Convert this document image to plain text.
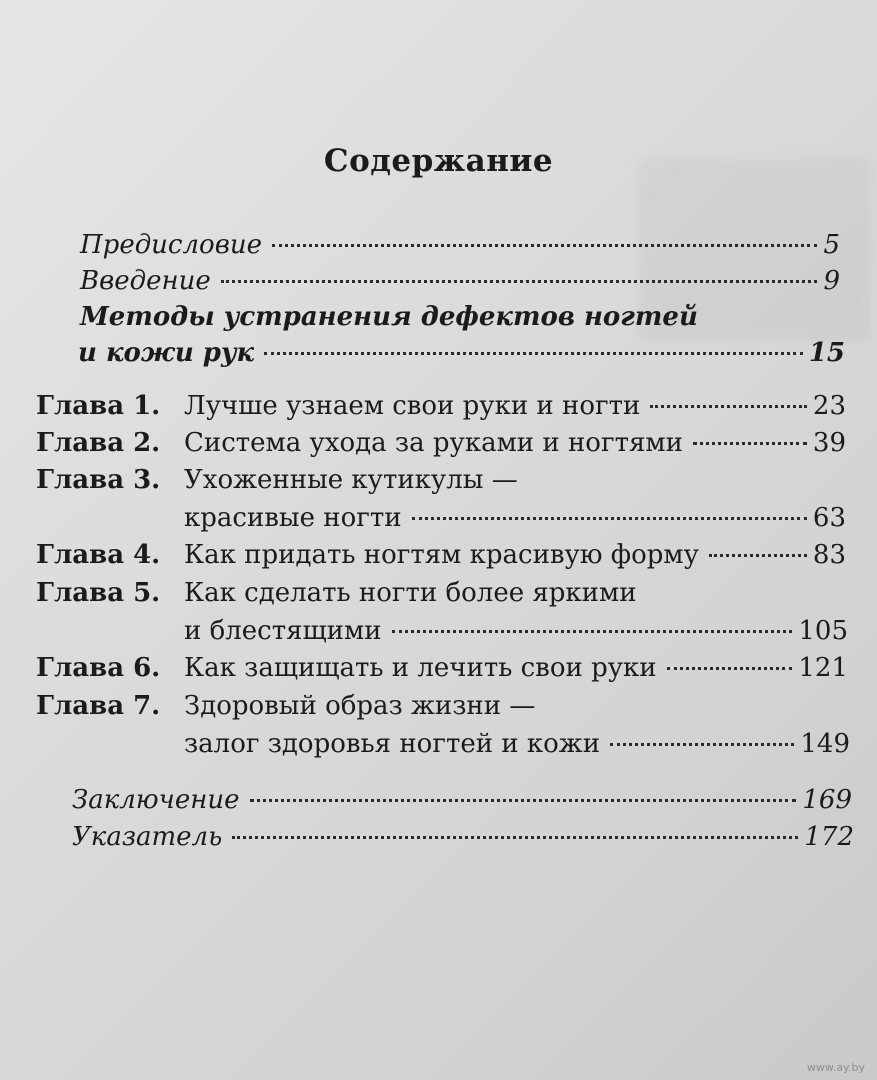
Содержание
Предисловие	5
Введение	9
Методы устранения дефектов ногтей
и кожи рук	15
Глава 1. Лучше узнаем свои руки и ногти	23
Глава 2. Система ухода за руками и ногтями	39
Глава 3. Ухоженные кутикулы —
красивые ногти	63
Глава 4. Как придать ногтям красивую форму	83
Глава 5. Как сделать ногти более яркими
и блестящими	105
Глава 6. Как защищать и лечить свои руки	121
Глава 7. Здоровый образ жизни —
залог здоровья ногтей и кожи	149
Заключение	169
Указатель	172
www.ay.by
